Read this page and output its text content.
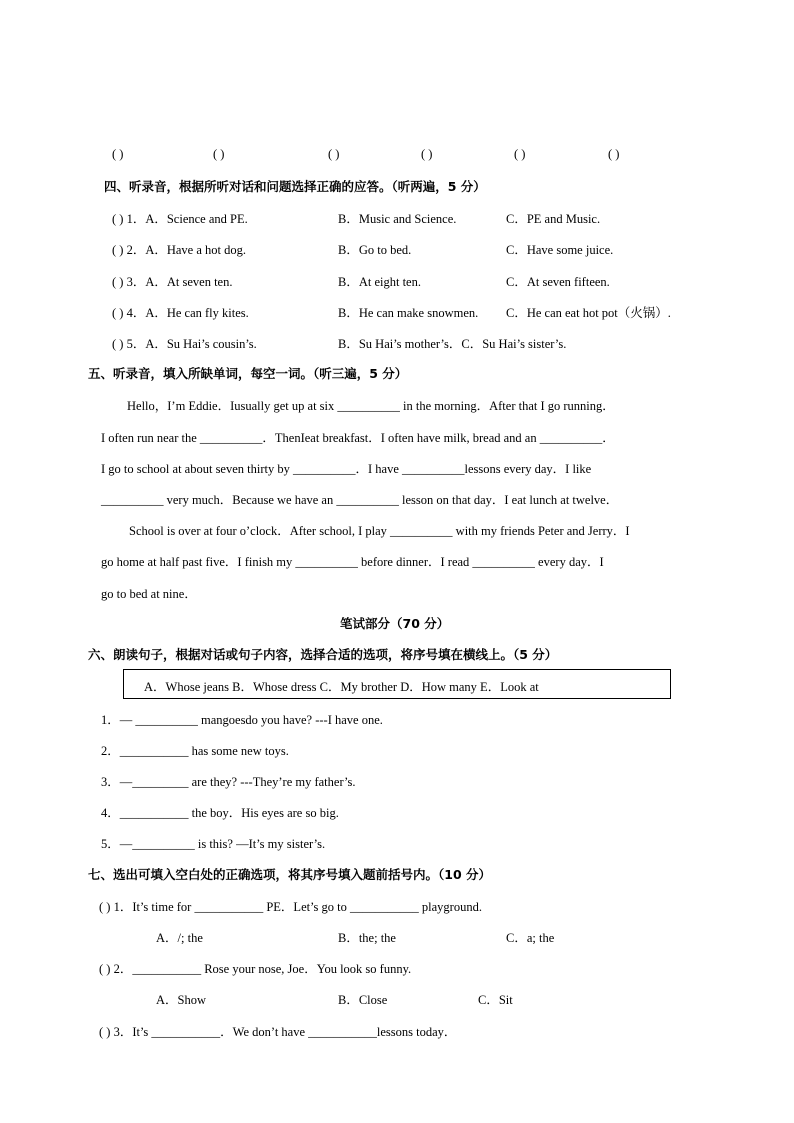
( )	( )	( )	( )	( )	( )
四、听录音，根据所听对话和问题选择正确的应答。（听两遍，5 分）
( ) 1．A．Science and PE.	B．Music and Science.	C．PE and Music.
( ) 2．A．Have a hot dog.	B．Go to bed.	C．Have some juice.
( ) 3．A．At seven ten.	B．At eight ten.	C．At seven fifteen.
( ) 4．A．He can fly kites.	B．He can make snowmen. C．He can eat hot pot（火锅）.
( ) 5．A．Su Hai’s cousin’s.	B．Su Hai’s mother’s．C．Su Hai’s sister’s.
五、听录音，填入所缺单词，每空一词。（听三遍，5 分）
Hello，I’m Eddie．Iusually get up at six __________ in the morning．After that I go running．
I often run near the __________．ThenIeat breakfast．I often have milk, bread and an __________．
I go to school at about seven thirty by __________．I have __________lessons every day．I like
__________ very much．Because we have an __________ lesson on that day．I eat lunch at twelve．
School is over at four o’clock．After school, I play __________ with my friends Peter and Jerry．I
go home at half past five．I finish my __________ before dinner．I read __________ every day．I
go to bed at nine．
笔试部分（70 分）
六、朗读句子，根据对话或句子内容，选择合适的选项，将序号填在横线上。（5 分）
A．Whose jeans B．Whose dress C．My brother D．How many E．Look at
1．— __________ mangoesdo you have? ---I have one.
2．___________ has some new toys.
3．—_________ are they? ---They’re my father’s.
4．___________ the boy．His eyes are so big.
5．—__________ is this? —It’s my sister’s.
七、选出可填入空白处的正确选项，将其序号填入题前括号内。（10 分）
( ) 1．It’s time for ___________ PE．Let’s go to ___________ playground.
A．/; the	B．the; the	C．a; the
( ) 2．___________ Rose your nose, Joe．You look so funny.
A．Show	B．Close	C．Sit
( ) 3．It’s ___________．We don’t have ___________lessons today．
